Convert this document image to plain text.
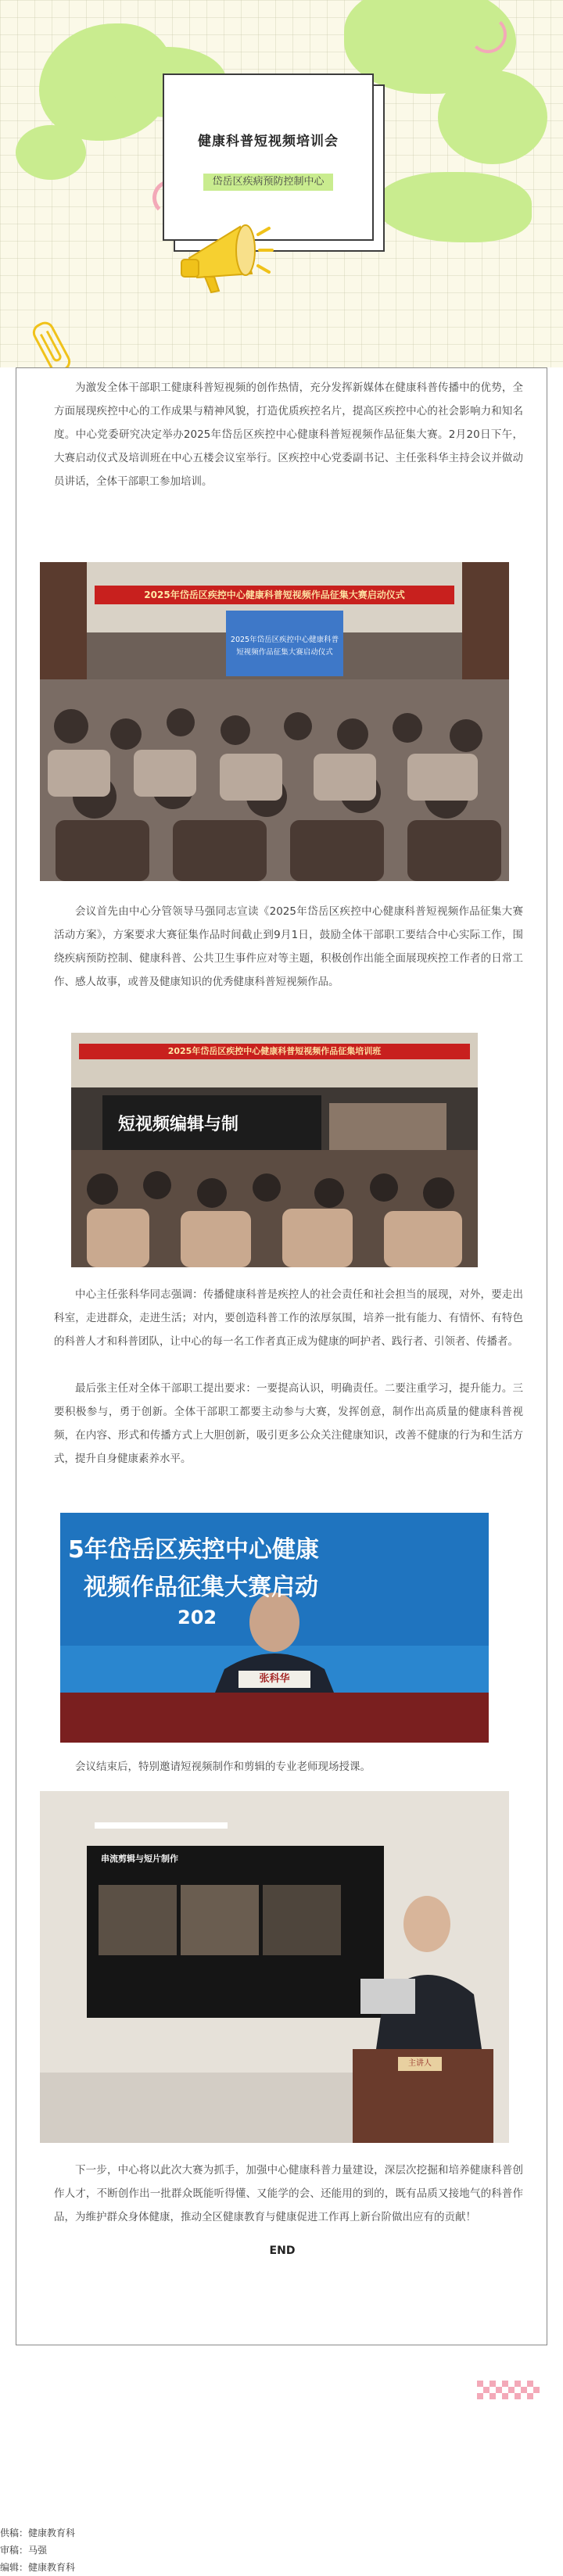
健康科普短视频培训会
岱岳区疾病预防控制中心
为激发全体干部职工健康科普短视频的创作热情，充分发挥新媒体在健康科普传播中的优势，全方面展现疾控中心的工作成果与精神风貌，打造优质疾控名片，提高区疾控中心的社会影响力和知名度。中心党委研究决定举办2025年岱岳区疾控中心健康科普短视频作品征集大赛。2月20日下午，大赛启动仪式及培训班在中心五楼会议室举行。区疾控中心党委副书记、主任张科华主持会议并做动员讲话，全体干部职工参加培训。
2025年岱岳区疾控中心健康科普短视频作品征集大赛启动仪式
2025年岱岳区疾控中心健康科普
短视频作品征集大赛启动仪式
会议首先由中心分管领导马强同志宣读《2025年岱岳区疾控中心健康科普短视频作品征集大赛活动方案》，方案要求大赛征集作品时间截止到9月1日，鼓励全体干部职工要结合中心实际工作，围绕疾病预防控制、健康科普、公共卫生事件应对等主题，积极创作出能全面展现疾控工作者的日常工作、感人故事，或普及健康知识的优秀健康科普短视频作品。
2025年岱岳区疾控中心健康科普短视频作品征集培训班
短视频编辑与制
中心主任张科华同志强调：传播健康科普是疾控人的社会责任和社会担当的展现，对外，要走出科室，走进群众，走进生活；对内，要创造科普工作的浓厚氛围，培养一批有能力、有情怀、有特色的科普人才和科普团队，让中心的每一名工作者真正成为健康的呵护者、践行者、引领者、传播者。
最后张主任对全体干部职工提出要求：一要提高认识，明确责任。二要注重学习，提升能力。三要积极参与，勇于创新。全体干部职工都要主动参与大赛，发挥创意，制作出高质量的健康科普视频，在内容、形式和传播方式上大胆创新，吸引更多公众关注健康知识，改善不健康的行为和生活方式，提升自身健康素养水平。
5年岱岳区疾控中心健康
视频作品征集大赛启动
202
张科华
会议结束后，特别邀请短视频制作和剪辑的专业老师现场授课。
串流剪辑与短片制作
主讲人
下一步，中心将以此次大赛为抓手，加强中心健康科普力量建设，深层次挖掘和培养健康科普创作人才，不断创作出一批群众既能听得懂、又能学的会、还能用的到的，既有品质又接地气的科普作品，为维护群众身体健康，推动全区健康教育与健康促进工作再上新台阶做出应有的贡献！
END
供稿：健康教育科
审稿：马强
编辑：健康教育科
